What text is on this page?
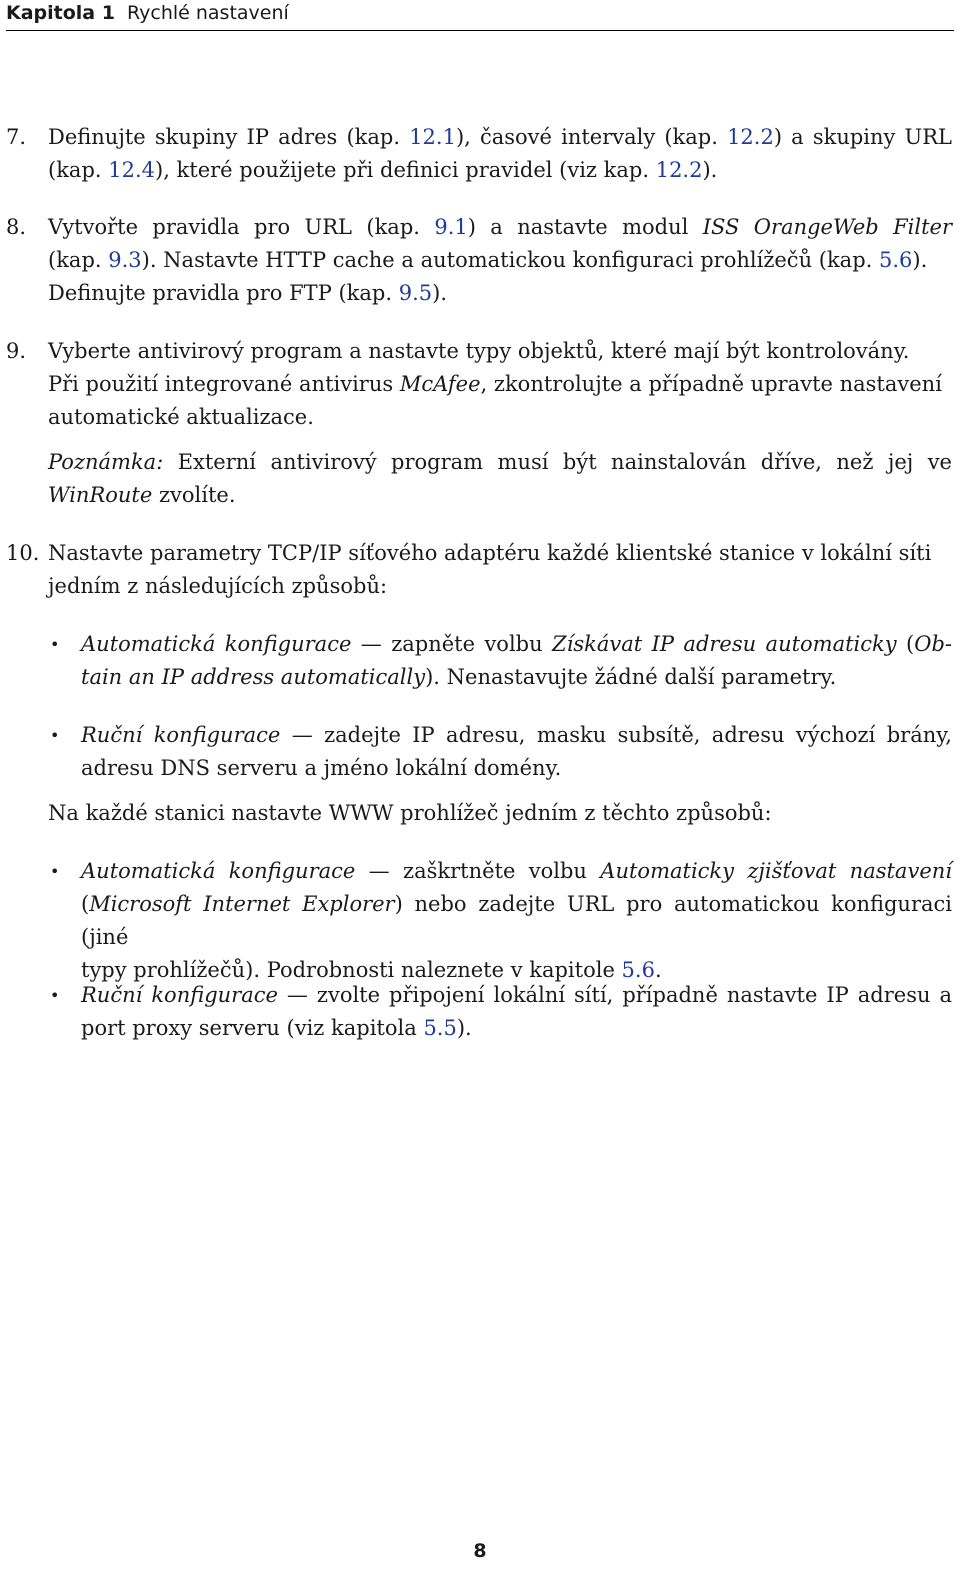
Kapitola 1 Rychlé nastavení
7. Definujte skupiny IP adres (kap. 12.1), časové intervaly (kap. 12.2) a skupiny URL
(kap. 12.4), které použijete při definici pravidel (viz kap. 12.2).
8. Vytvořte pravidla pro URL (kap. 9.1) a nastavte modul ISS OrangeWeb Filter
(kap. 9.3). Nastavte HTTP cache a automatickou konfiguraci prohlížečů (kap. 5.6).
Definujte pravidla pro FTP (kap. 9.5).
9. Vyberte antivirový program a nastavte typy objektů, které mají být kontrolovány.
Při použití integrované antivirus McAfee, zkontrolujte a případně upravte nastavení
automatické aktualizace.
Poznámka: Externí antivirový program musí být nainstalován dříve, než jej ve
WinRoute zvolíte.
10. Nastavte parametry TCP/IP síťového adaptéru každé klientské stanice v lokální síti
jedním z následujících způsobů:
• Automatická konfigurace — zapněte volbu Získávat IP adresu automaticky (Ob-
tain an IP address automatically). Nenastavujte žádné další parametry.
• Ruční konfigurace — zadejte IP adresu, masku subsítě, adresu výchozí brány,
adresu DNS serveru a jméno lokální domény.
Na každé stanici nastavte WWW prohlížeč jedním z těchto způsobů:
• Automatická konfigurace — zaškrtněte volbu Automaticky zjišťovat nastavení
(Microsoft Internet Explorer) nebo zadejte URL pro automatickou konfiguraci (jiné
typy prohlížečů). Podrobnosti naleznete v kapitole 5.6.
• Ruční konfigurace — zvolte připojení lokální sítí, případně nastavte IP adresu a
port proxy serveru (viz kapitola 5.5).
8
